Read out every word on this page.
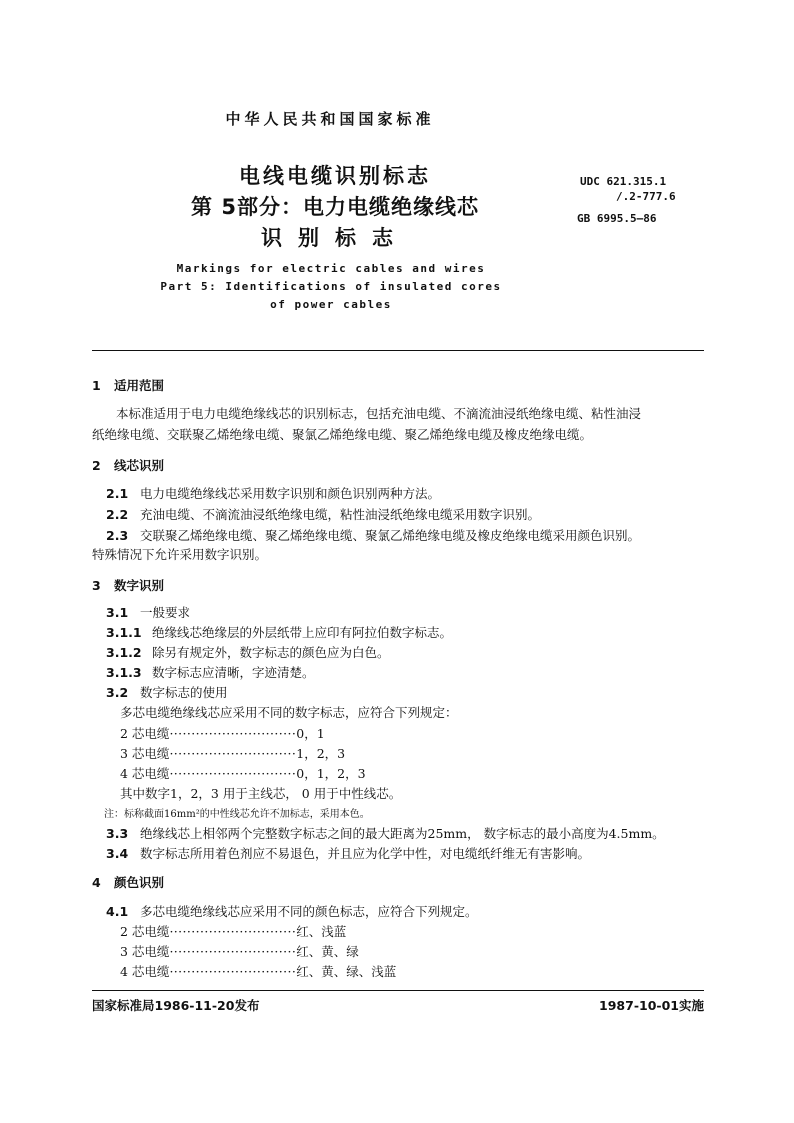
中华人民共和国国家标准
电线电缆识别标志
第 5部分：电力电缆绝缘线芯
识别标志
UDC 621.315.1
/.2-777.6
GB 6995.5—86
Markings for electric cables and wires
Part 5: Identifications of insulated cores
of power cables
1 适用范围
本标准适用于电力电缆绝缘线芯的识别标志，包括充油电缆、不滴流油浸纸绝缘电缆、粘性油浸
纸绝缘电缆、交联聚乙烯绝缘电缆、聚氯乙烯绝缘电缆、聚乙烯绝缘电缆及橡皮绝缘电缆。
2 线芯识别
2.1 电力电缆绝缘线芯采用数字识别和颜色识别两种方法。
2.2 充油电缆、不滴流油浸纸绝缘电缆，粘性油浸纸绝缘电缆采用数字识别。
2.3 交联聚乙烯绝缘电缆、聚乙烯绝缘电缆、聚氯乙烯绝缘电缆及橡皮绝缘电缆采用颜色识别。
特殊情况下允许采用数字识别。
3 数字识别
3.1 一般要求
3.1.1 绝缘线芯绝缘层的外层纸带上应印有阿拉伯数字标志。
3.1.2 除另有规定外，数字标志的颜色应为白色。
3.1.3 数字标志应清晰，字迹清楚。
3.2 数字标志的使用
多芯电缆绝缘线芯应采用不同的数字标志，应符合下列规定：
2 芯电缆·····························0，1
3 芯电缆·····························1，2，3
4 芯电缆·····························0，1，2，3
其中数字1，2，3 用于主线芯， 0 用于中性线芯。
注：标称截面16mm²的中性线芯允许不加标志，采用本色。
3.3 绝缘线芯上相邻两个完整数字标志之间的最大距离为25mm， 数字标志的最小高度为4.5mm。
3.4 数字标志所用着色剂应不易退色，并且应为化学中性，对电缆纸纤维无有害影响。
4 颜色识别
4.1 多芯电缆绝缘线芯应采用不同的颜色标志，应符合下列规定。
2 芯电缆·····························红、浅蓝
3 芯电缆·····························红、黄、绿
4 芯电缆·····························红、黄、绿、浅蓝
国家标准局1986-11-20发布	1987-10-01实施
